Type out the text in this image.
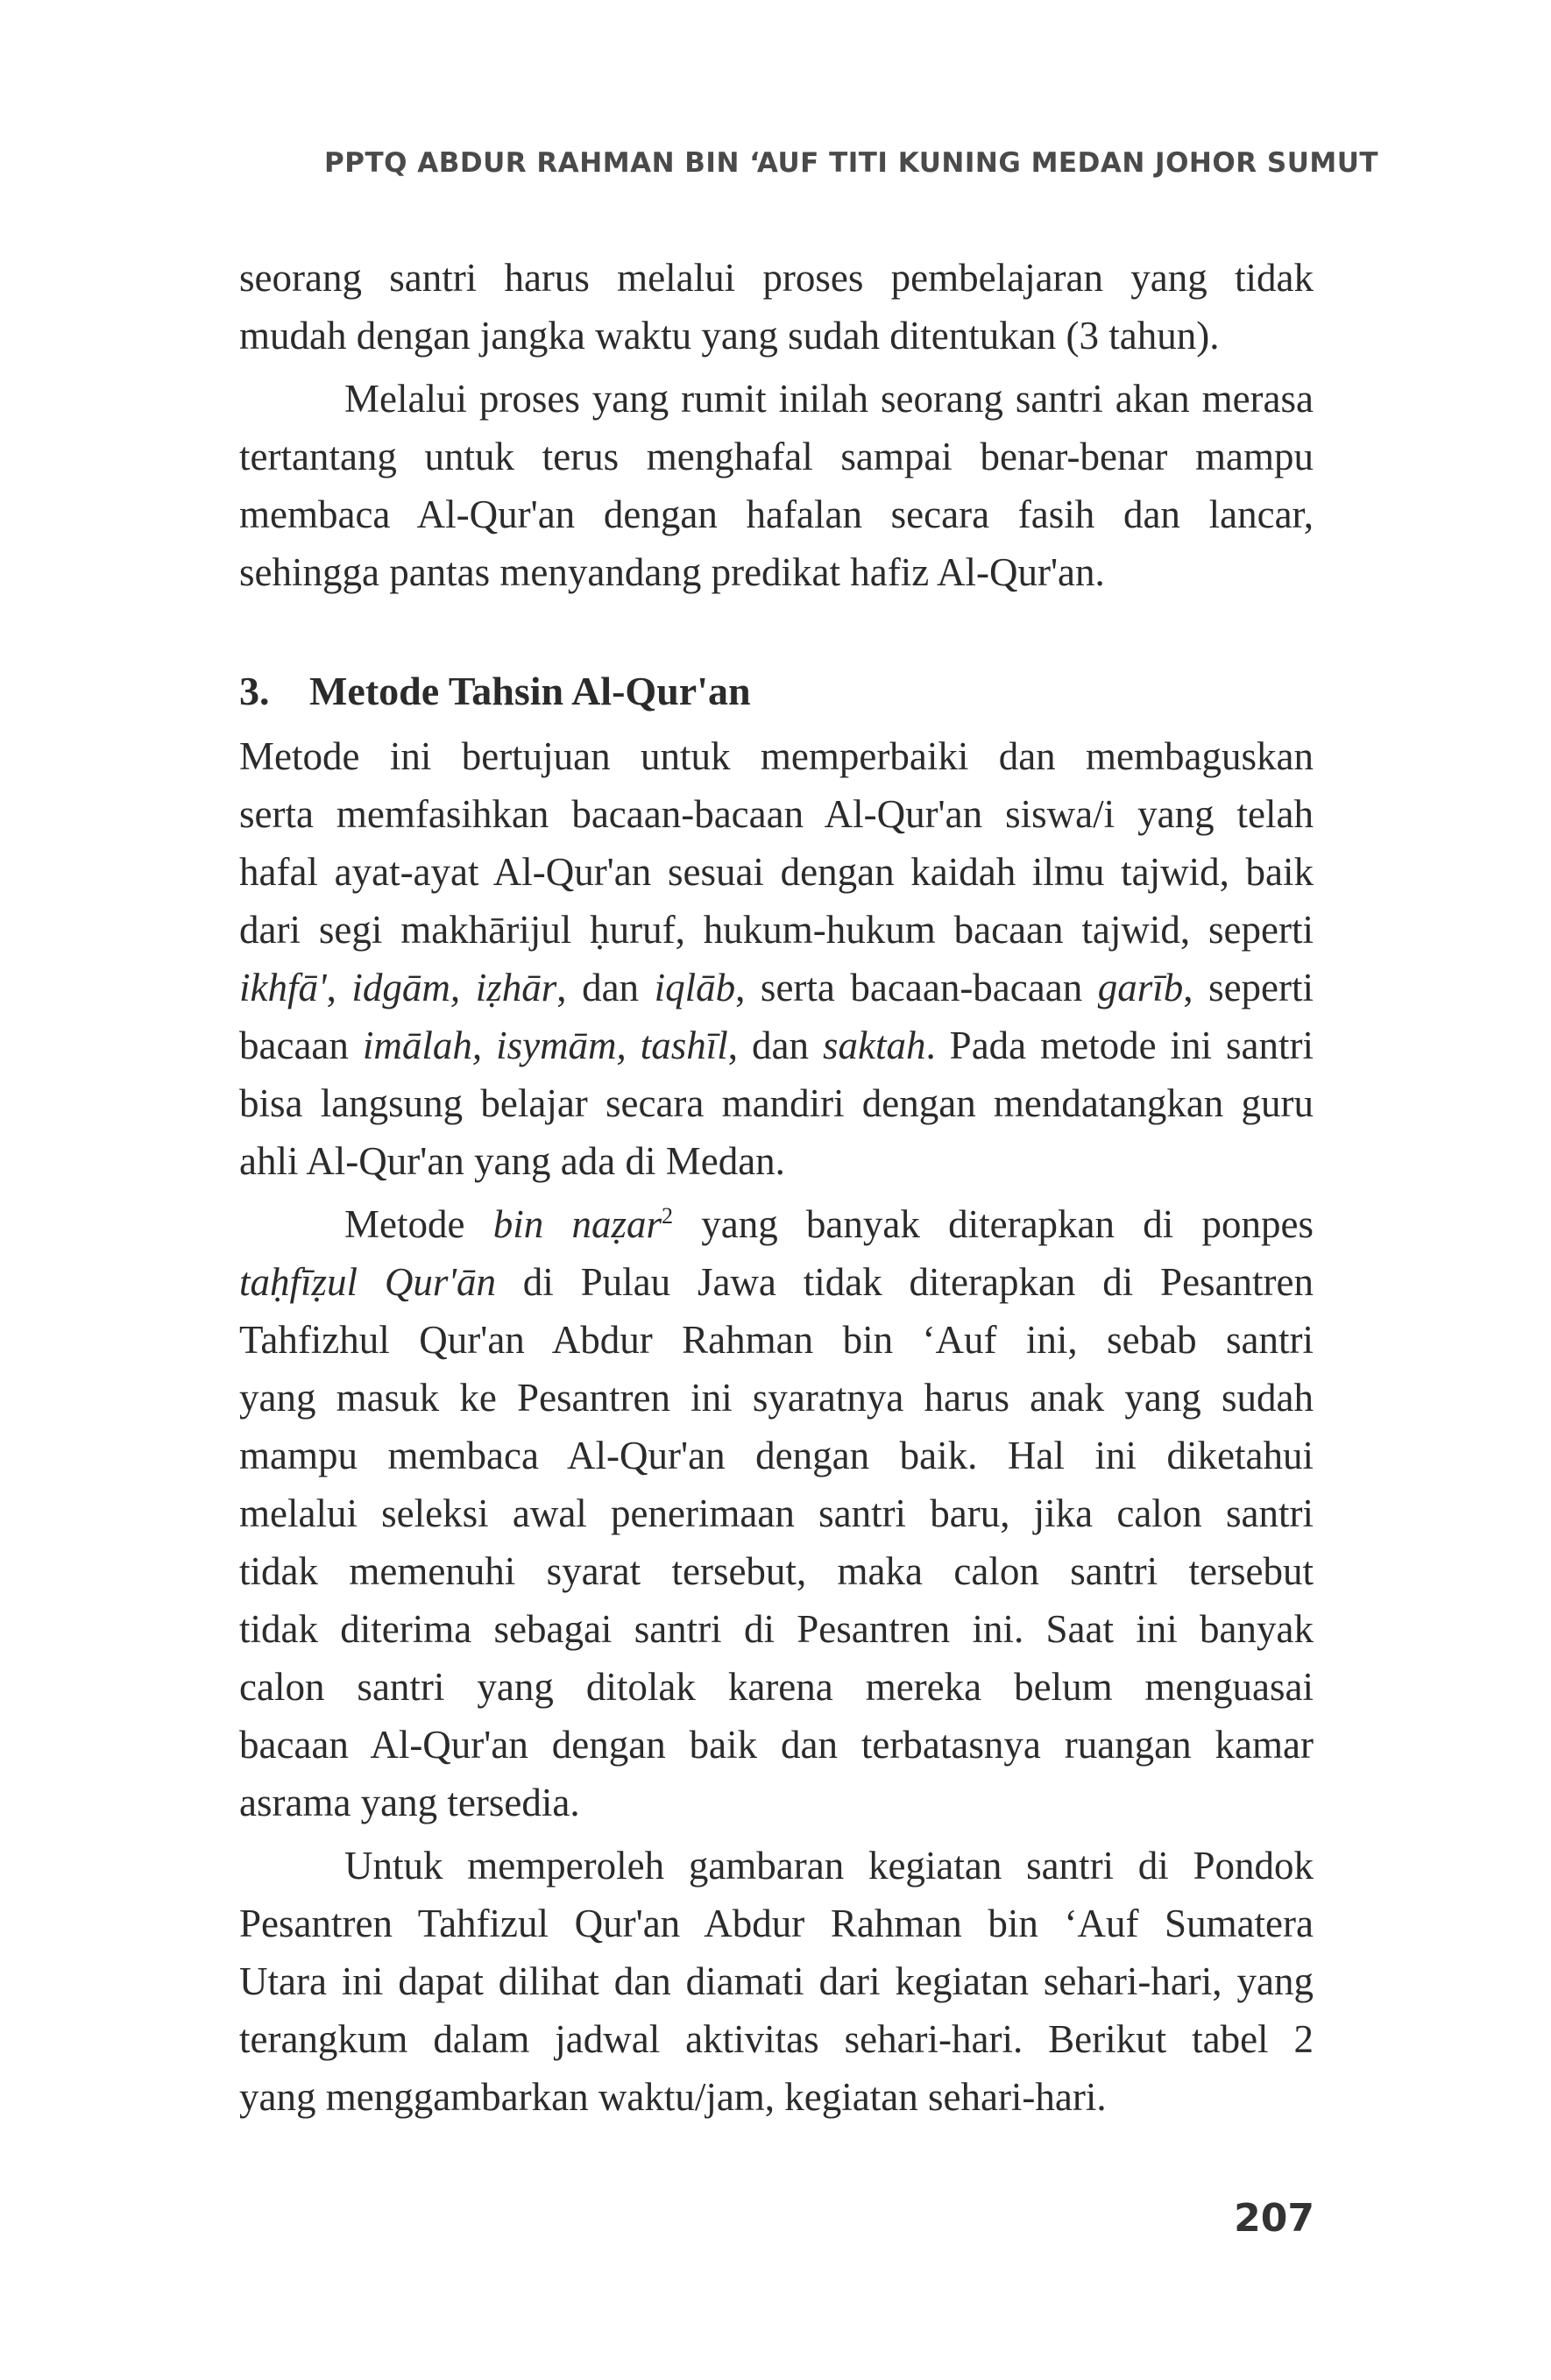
PPTQ ABDUR RAHMAN BIN ‘AUF TITI KUNING MEDAN JOHOR SUMUT
seorang santri harus melalui proses pembelajaran yang tidak
mudah dengan jangka waktu yang sudah ditentukan (3 tahun).
Melalui proses yang rumit inilah seorang santri akan merasa
tertantang untuk terus menghafal sampai benar-benar mampu
membaca Al-Qur'an dengan hafalan secara fasih dan lancar,
sehingga pantas menyandang predikat hafiz Al-Qur'an.
3. Metode Tahsin Al-Qur'an
Metode ini bertujuan untuk memperbaiki dan membaguskan
serta memfasihkan bacaan-bacaan Al-Qur'an siswa/i yang telah
hafal ayat-ayat Al-Qur'an sesuai dengan kaidah ilmu tajwid, baik
dari segi makhārijul ḥuruf, hukum-hukum bacaan tajwid, seperti
ikhfā', idgām, iẓhār, dan iqlāb, serta bacaan-bacaan garīb, seperti
bacaan imālah, isymām, tashīl, dan saktah. Pada metode ini santri
bisa langsung belajar secara mandiri dengan mendatangkan guru
ahli Al-Qur'an yang ada di Medan.
Metode bin naẓar$^2$ yang banyak diterapkan di ponpes
taḥfīẓul Qur'ān di Pulau Jawa tidak diterapkan di Pesantren
Tahfizhul Qur'an Abdur Rahman bin ‘Auf ini, sebab santri
yang masuk ke Pesantren ini syaratnya harus anak yang sudah
mampu membaca Al-Qur'an dengan baik. Hal ini diketahui
melalui seleksi awal penerimaan santri baru, jika calon santri
tidak memenuhi syarat tersebut, maka calon santri tersebut
tidak diterima sebagai santri di Pesantren ini. Saat ini banyak
calon santri yang ditolak karena mereka belum menguasai
bacaan Al-Qur'an dengan baik dan terbatasnya ruangan kamar
asrama yang tersedia.
Untuk memperoleh gambaran kegiatan santri di Pondok
Pesantren Tahfizul Qur'an Abdur Rahman bin ‘Auf Sumatera
Utara ini dapat dilihat dan diamati dari kegiatan sehari-hari, yang
terangkum dalam jadwal aktivitas sehari-hari. Berikut tabel 2
yang menggambarkan waktu/jam, kegiatan sehari-hari.
207
